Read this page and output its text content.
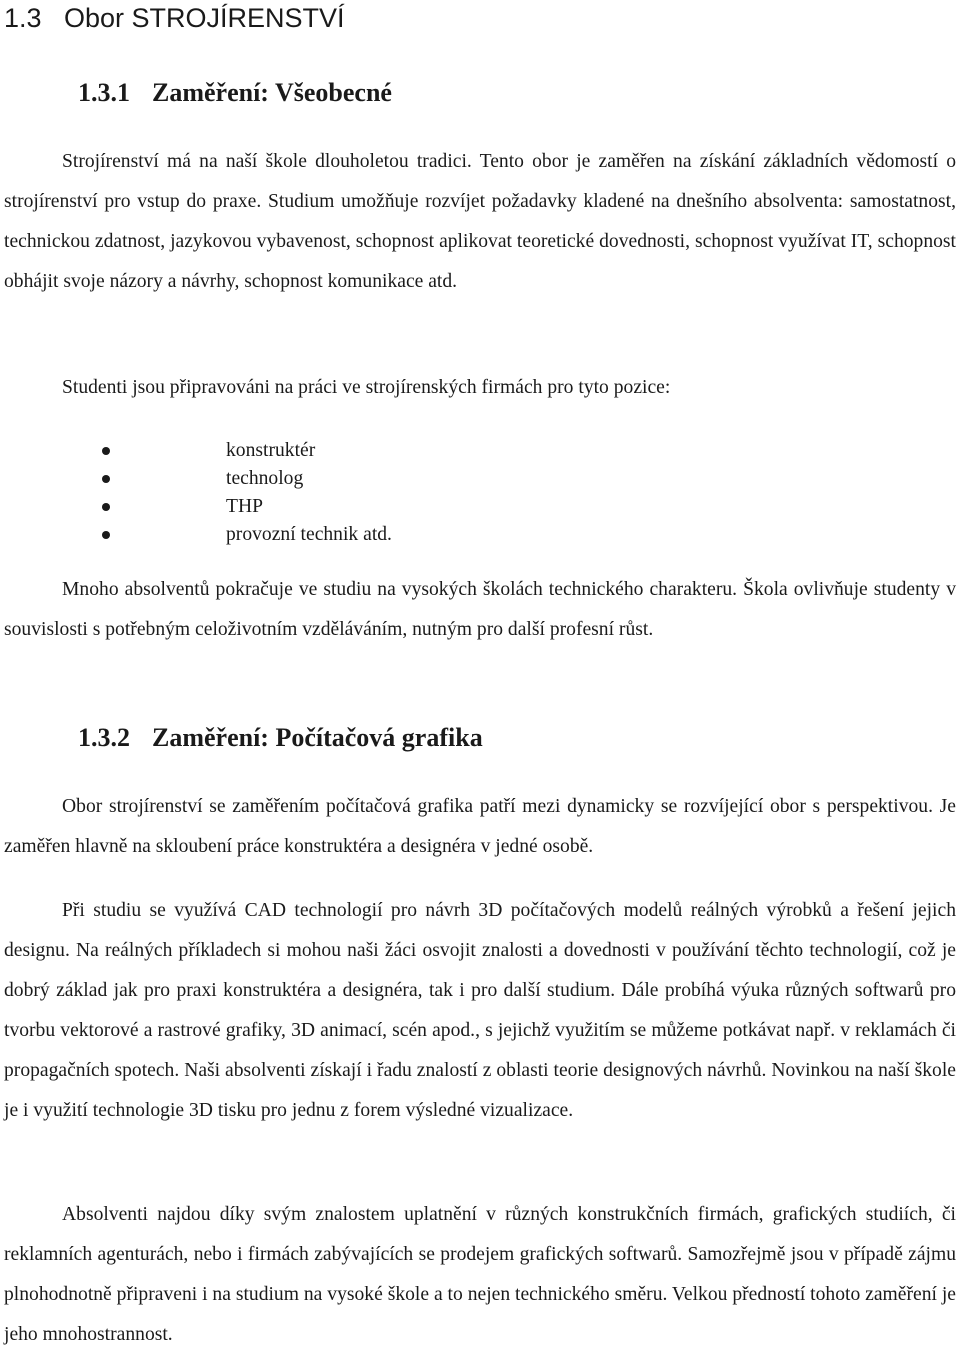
1.3 Obor STROJÍRENSTVÍ
1.3.1 Zaměření: Všeobecné

Strojírenství má na naší škole dlouholetou tradici. Tento obor je zaměřen na získání základních vědomostí o strojírenství pro vstup do praxe. Studium umožňuje rozvíjet požadavky kladené na dnešního absolventa: samostatnost, technickou zdatnost, jazykovou vybavenost, schopnost aplikovat teoretické dovednosti, schopnost využívat IT, schopnost obhájit svoje názory a návrhy, schopnost komunikace atd.

Studenti jsou připravováni na práci ve strojírenských firmách pro tyto pozice:

konstruktér
technolog
THP
provozní technik atd.

Mnoho absolventů pokračuje ve studiu na vysokých školách technického charakteru. Škola ovlivňuje studenty v souvislosti s potřebným celoživotním vzděláváním, nutným pro další profesní růst.

1.3.2 Zaměření: Počítačová grafika

Obor strojírenství se zaměřením počítačová grafika patří mezi dynamicky se rozvíjející obor s perspektivou. Je zaměřen hlavně na skloubení práce konstruktéra a designéra v jedné osobě.

Při studiu se využívá CAD technologií pro návrh 3D počítačových modelů reálných výrobků a řešení jejich designu. Na reálných příkladech si mohou naši žáci osvojit znalosti a dovednosti v používání těchto technologií, což je dobrý základ jak pro praxi konstruktéra a designéra, tak i pro další studium. Dále probíhá výuka různých softwarů pro tvorbu vektorové a rastrové grafiky, 3D animací, scén apod., s jejichž využitím se můžeme potkávat např. v reklamách či propagačních spotech. Naši absolventi získají i řadu znalostí z oblasti teorie designových návrhů. Novinkou na naší škole je i využití technologie 3D tisku pro jednu z forem výsledné vizualizace.

Absolventi najdou díky svým znalostem uplatnění v různých konstrukčních firmách, grafických studiích, či reklamních agenturách, nebo i firmách zabývajících se prodejem grafických softwarů. Samozřejmě jsou v případě zájmu plnohodnotně připraveni i na studium na vysoké škole a to nejen technického směru. Velkou předností tohoto zaměření je jeho mnohostrannost.
